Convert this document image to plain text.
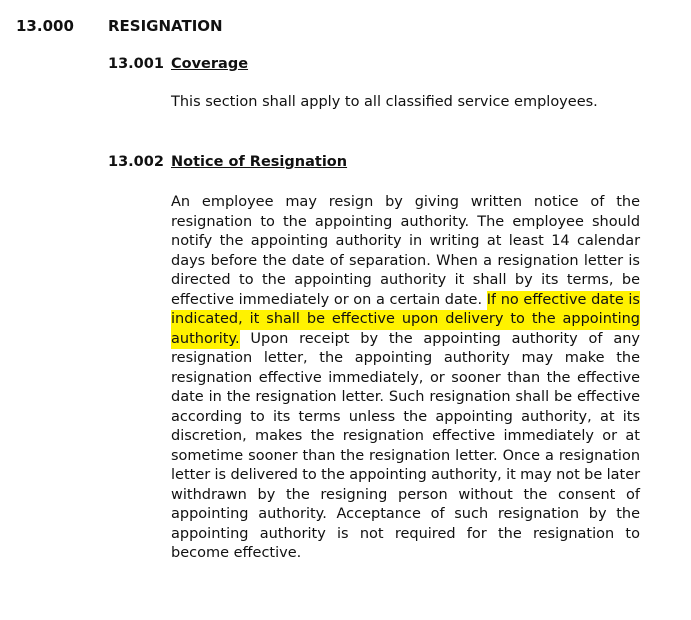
13.000 RESIGNATION
13.001 Coverage
This section shall apply to all classified service employees.
13.002 Notice of Resignation
An employee may resign by giving written notice of the
resignation to the appointing authority. The employee should
notify the appointing authority in writing at least 14 calendar
days before the date of separation. When a resignation letter is
directed to the appointing authority it shall by its terms, be
effective immediately or on a certain date. If no effective date is
indicated, it shall be effective upon delivery to the appointing
authority. Upon receipt by the appointing authority of any
resignation letter, the appointing authority may make the
resignation effective immediately, or sooner than the effective
date in the resignation letter. Such resignation shall be effective
according to its terms unless the appointing authority, at its
discretion, makes the resignation effective immediately or at
sometime sooner than the resignation letter. Once a resignation
letter is delivered to the appointing authority, it may not be later
withdrawn by the resigning person without the consent of
appointing authority. Acceptance of such resignation by the
appointing authority is not required for the resignation to
become
effective.
